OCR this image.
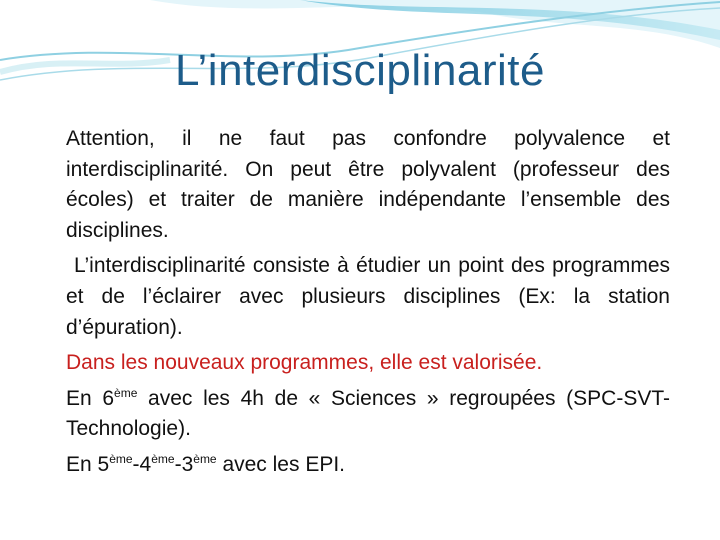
L’interdisciplinarité

Attention, il ne faut pas confondre polyvalence et interdisciplinarité. On peut être polyvalent (professeur des écoles) et traiter de manière indépendante l’ensemble des disciplines.

L’interdisciplinarité consiste à étudier un point des programmes et de l’éclairer avec plusieurs disciplines (Ex: la station d’épuration).

Dans les nouveaux programmes, elle est valorisée.

En 6ème avec les 4h de « Sciences » regroupées (SPC-SVT-Technologie).

En 5ème-4ème-3ème avec les EPI.
